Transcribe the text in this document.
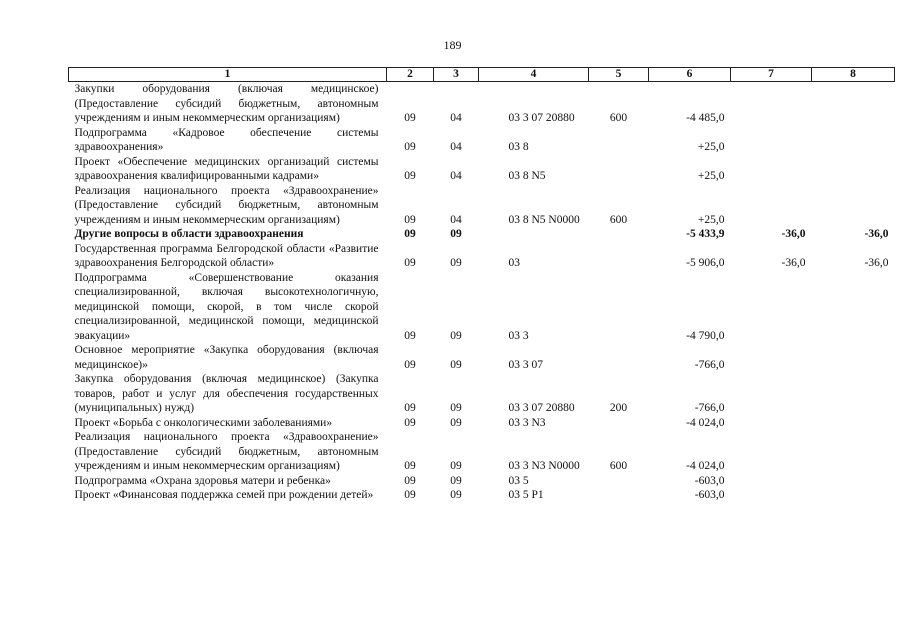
189
1	2	3	4	5	6	7	8
Закупки оборудования (включая медицинское) (Предоставление субсидий бюджетным, автономным учреждениям и иным некоммерческим организациям)	09	04	03 3 07 20880	600	-4 485,0		
Подпрограмма «Кадровое обеспечение системы здравоохранения»	09	04	03 8		+25,0		
Проект «Обеспечение медицинских организаций системы здравоохранения квалифицированными кадрами»	09	04	03 8 N5		+25,0		
Реализация национального проекта «Здравоохранение» (Предоставление субсидий бюджетным, автономным учреждениям и иным некоммерческим организациям)	09	04	03 8 N5 N0000	600	+25,0		
Другие вопросы в области здравоохранения	09	09			-5 433,9	-36,0	-36,0
Государственная программа Белгородской области «Развитие здравоохранения Белгородской области»	09	09	03		-5 906,0	-36,0	-36,0
Подпрограмма «Совершенствование оказания специализированной, включая высокотехнологичную, медицинской помощи, скорой, в том числе скорой специализированной, медицинской помощи, медицинской эвакуации»	09	09	03 3		-4 790,0		
Основное мероприятие «Закупка оборудования (включая медицинское)»	09	09	03 3 07		-766,0		
Закупка оборудования (включая медицинское) (Закупка товаров, работ и услуг для обеспечения государственных (муниципальных) нужд)	09	09	03 3 07 20880	200	-766,0		
Проект «Борьба с онкологическими заболеваниями»	09	09	03 3 N3		-4 024,0		
Реализация национального проекта «Здравоохранение» (Предоставление субсидий бюджетным, автономным учреждениям и иным некоммерческим организациям)	09	09	03 3 N3 N0000	600	-4 024,0		
Подпрограмма «Охрана здоровья матери и ребенка»	09	09	03 5		-603,0		
Проект «Финансовая поддержка семей при рождении детей»	09	09	03 5 P1		-603,0		
